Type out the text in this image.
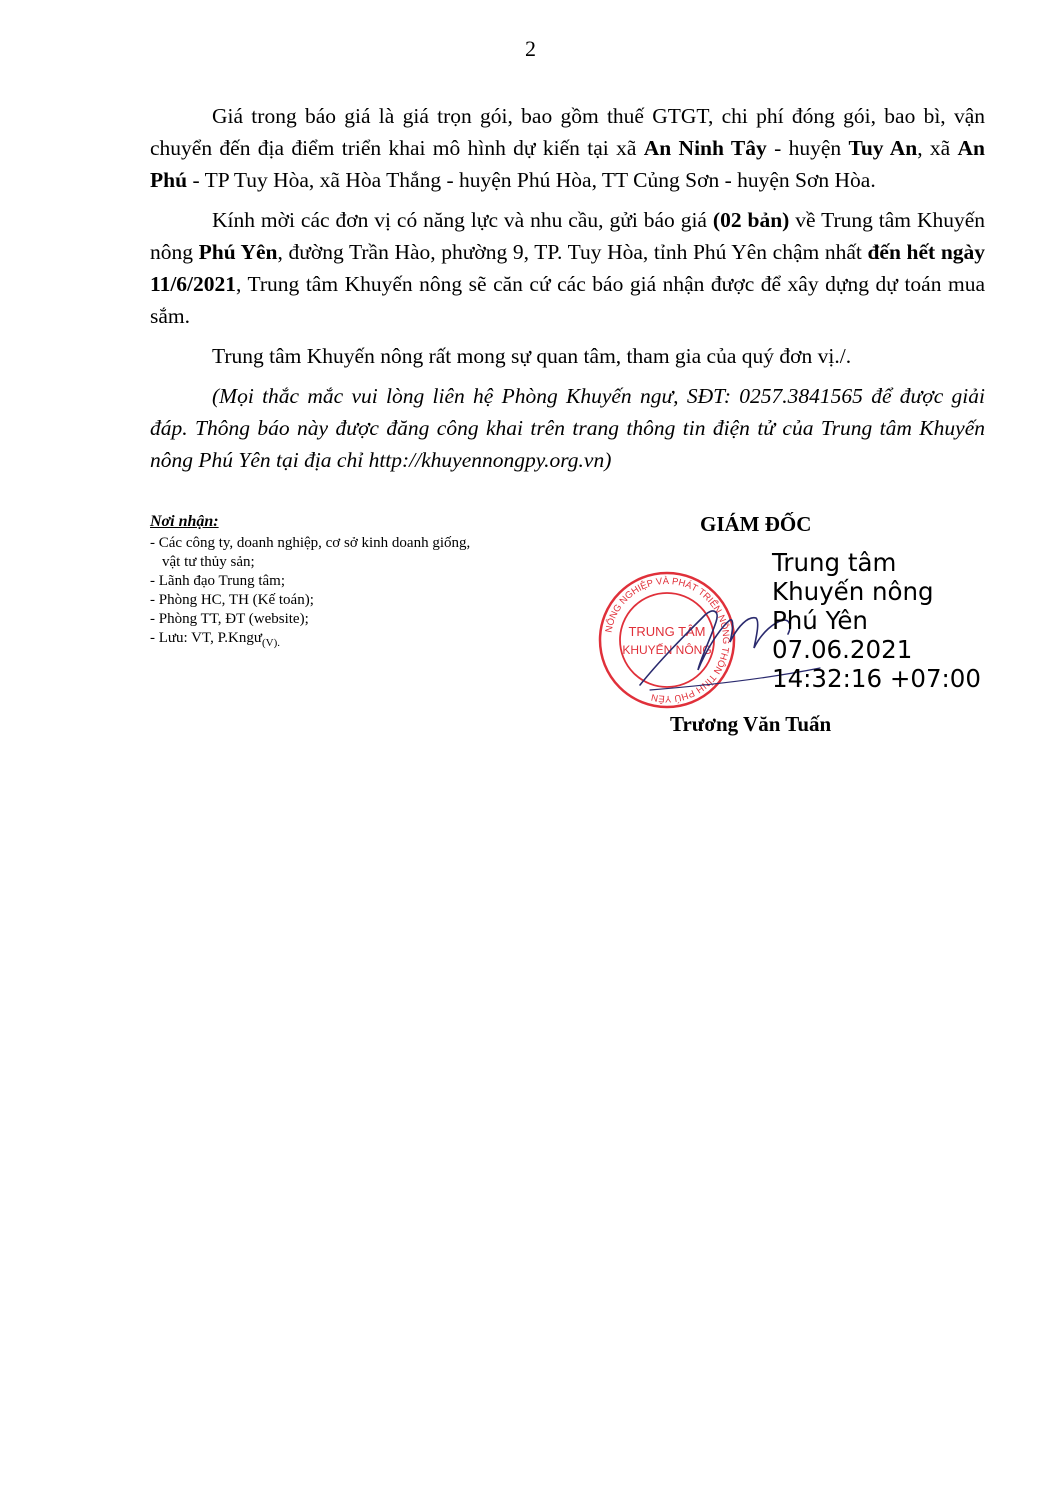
2

Giá trong báo giá là giá trọn gói, bao gồm thuế GTGT, chi phí đóng gói, bao bì, vận chuyển đến địa điểm triển khai mô hình dự kiến tại xã An Ninh Tây - huyện Tuy An, xã An Phú - TP Tuy Hòa, xã Hòa Thắng - huyện Phú Hòa, TT Củng Sơn - huyện Sơn Hòa.

Kính mời các đơn vị có năng lực và nhu cầu, gửi báo giá (02 bản) về Trung tâm Khuyến nông Phú Yên, đường Trần Hào, phường 9, TP. Tuy Hòa, tỉnh Phú Yên chậm nhất đến hết ngày 11/6/2021, Trung tâm Khuyến nông sẽ căn cứ các báo giá nhận được để xây dựng dự toán mua sắm.

Trung tâm Khuyến nông rất mong sự quan tâm, tham gia của quý đơn vị./.

(Mọi thắc mắc vui lòng liên hệ Phòng Khuyến ngư, SĐT: 0257.3841565 để được giải đáp. Thông báo này được đăng công khai trên trang thông tin điện tử của Trung tâm Khuyến nông Phú Yên tại địa chỉ http://khuyennongpy.org.vn)

Nơi nhận:
- Các công ty, doanh nghiệp, cơ sở kinh doanh giống, vật tư thủy sản;
- Lãnh đạo Trung tâm;
- Phòng HC, TH (Kế toán);
- Phòng TT, ĐT (website);
- Lưu: VT, P.Kngư$_{(V).}$
GIÁM ĐỐC
NÔNG NGHIỆP VÀ PHÁT TRIỂN NÔNG THÔN TỈNH PHÚ YÊN
TRUNG TÂM
KHUYẾN NÔNG
Trung tâm
Khuyến nông
Phú Yên
07.06.2021
14:32:16 +07:00
Trương Văn Tuấn
